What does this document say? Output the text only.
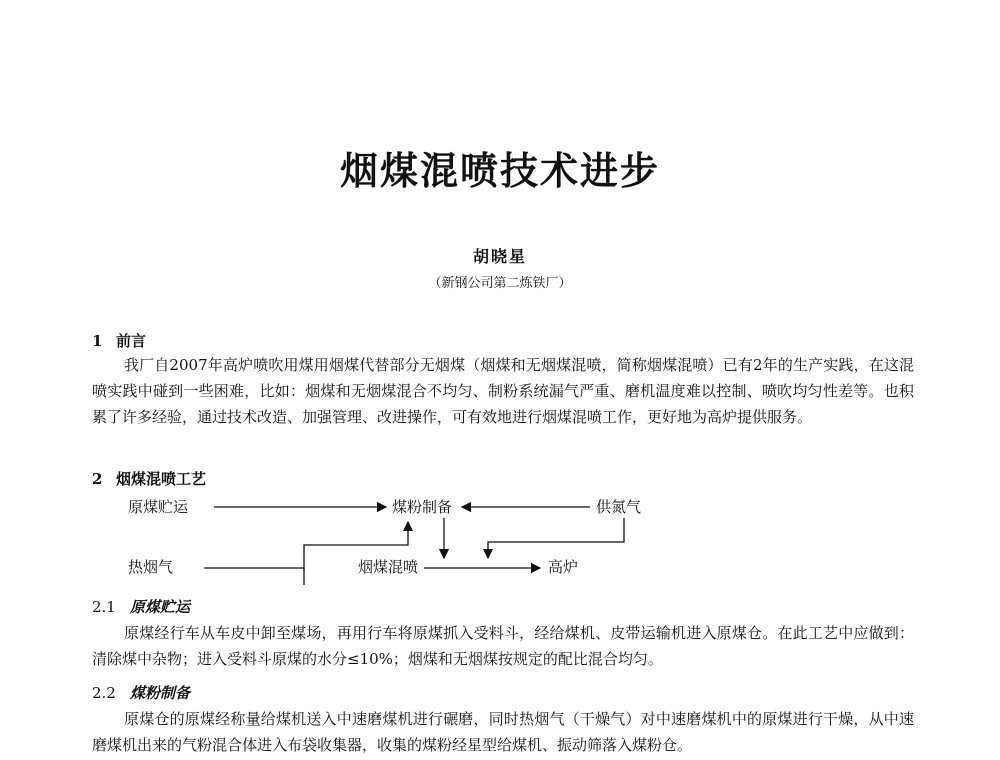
烟煤混喷技术进步
胡晓星
（新钢公司第二炼铁厂）
1 前言
我厂自2007年高炉喷吹用煤用烟煤代替部分无烟煤（烟煤和无烟煤混喷，简称烟煤混喷）已有2年的生产实践，在这混喷实践中碰到一些困难，比如：烟煤和无烟煤混合不均匀、制粉系统漏气严重、磨机温度难以控制、喷吹均匀性差等。也积累了许多经验，通过技术改造、加强管理、改进操作，可有效地进行烟煤混喷工作，更好地为高炉提供服务。
2 烟煤混喷工艺
原煤贮运	煤粉制备	供氮气
热烟气	烟煤混喷	高炉
2.1 原煤贮运
原煤经行车从车皮中卸至煤场，再用行车将原煤抓入受料斗，经给煤机、皮带运输机进入原煤仓。在此工艺中应做到：清除煤中杂物；进入受料斗原煤的水分≤10%；烟煤和无烟煤按规定的配比混合均匀。
2.2 煤粉制备
原煤仓的原煤经称量给煤机送入中速磨煤机进行碾磨，同时热烟气（干燥气）对中速磨煤机中的原煤进行干燥，从中速磨煤机出来的气粉混合体进入布袋收集器，收集的煤粉经星型给煤机、振动筛落入煤粉仓。
